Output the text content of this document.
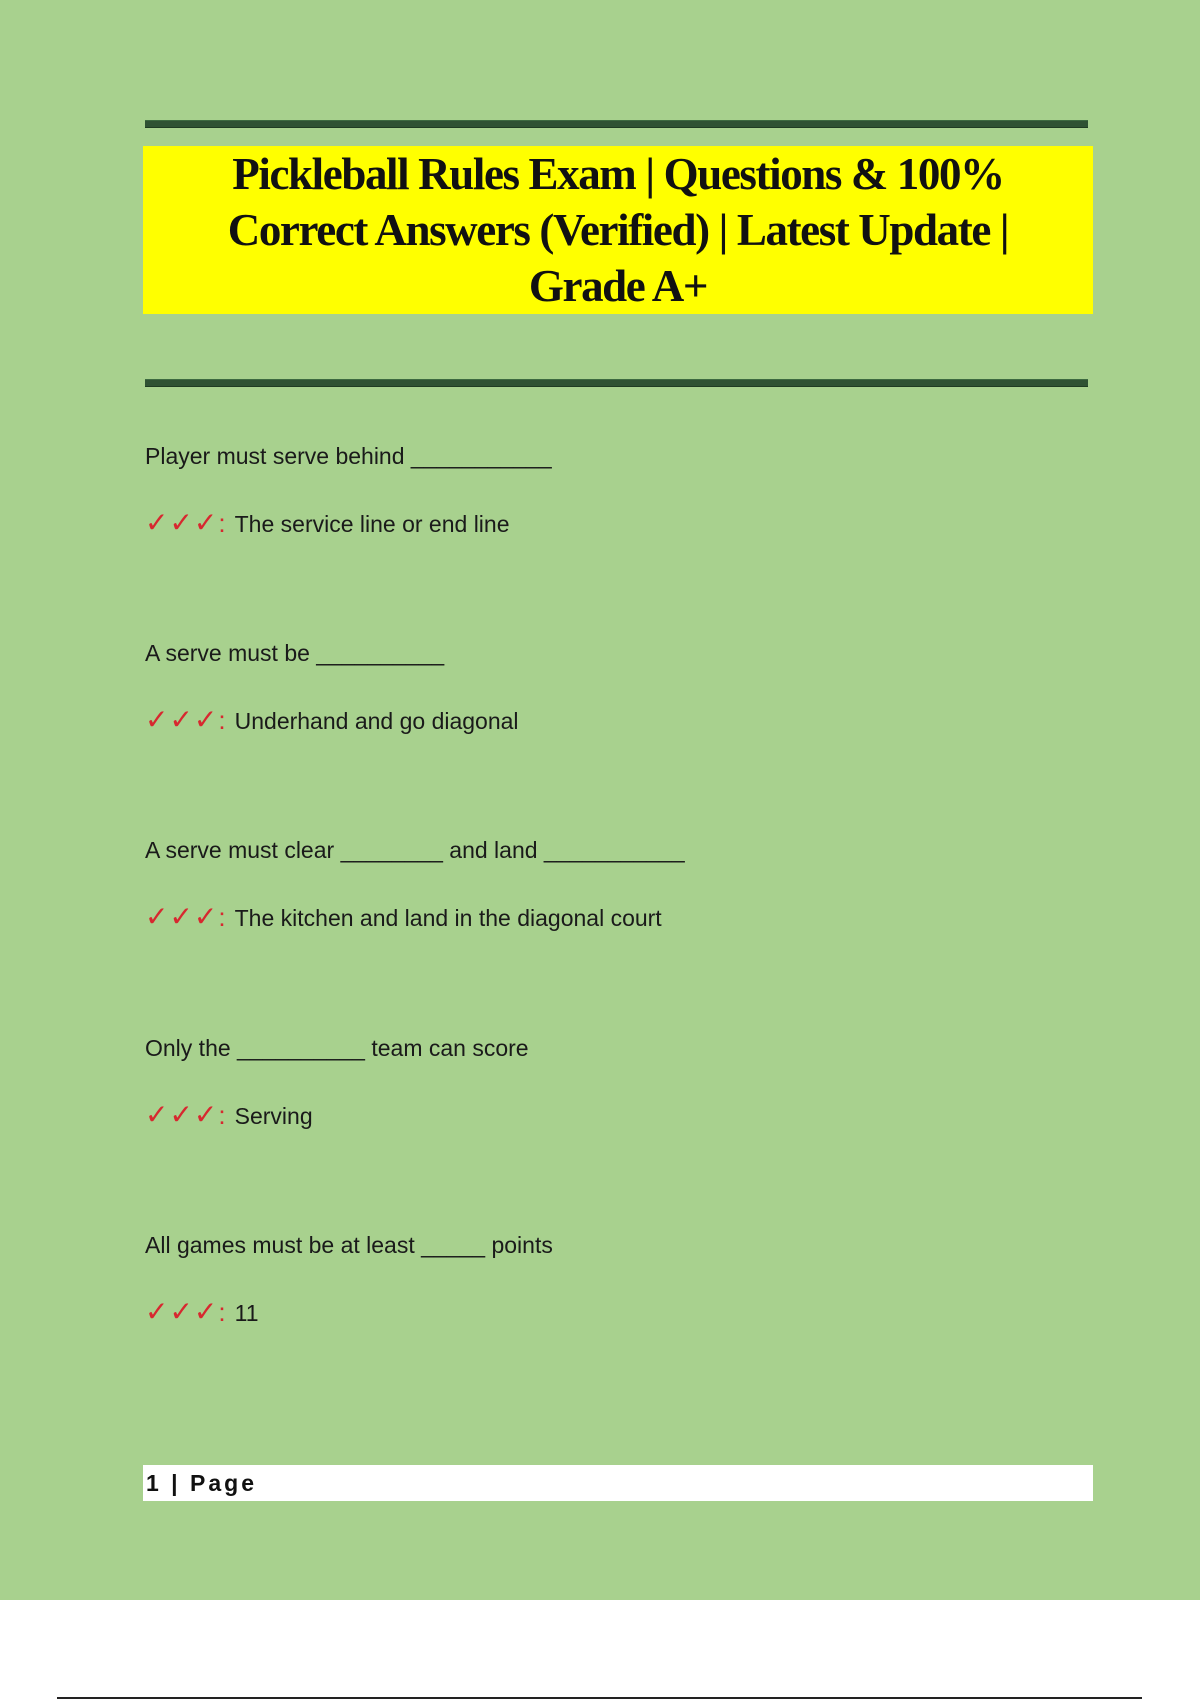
Pickleball Rules Exam | Questions & 100% Correct Answers (Verified) | Latest Update | Grade A+
Player must serve behind ___________
✓✓✓ : The service line or end line
A serve must be __________
✓✓✓ : Underhand and go diagonal
A serve must clear ________ and land ___________
✓✓✓ : The kitchen and land in the diagonal court
Only the __________ team can score
✓✓✓ : Serving
All games must be at least _____ points
✓✓✓ : 11
1 | Page
